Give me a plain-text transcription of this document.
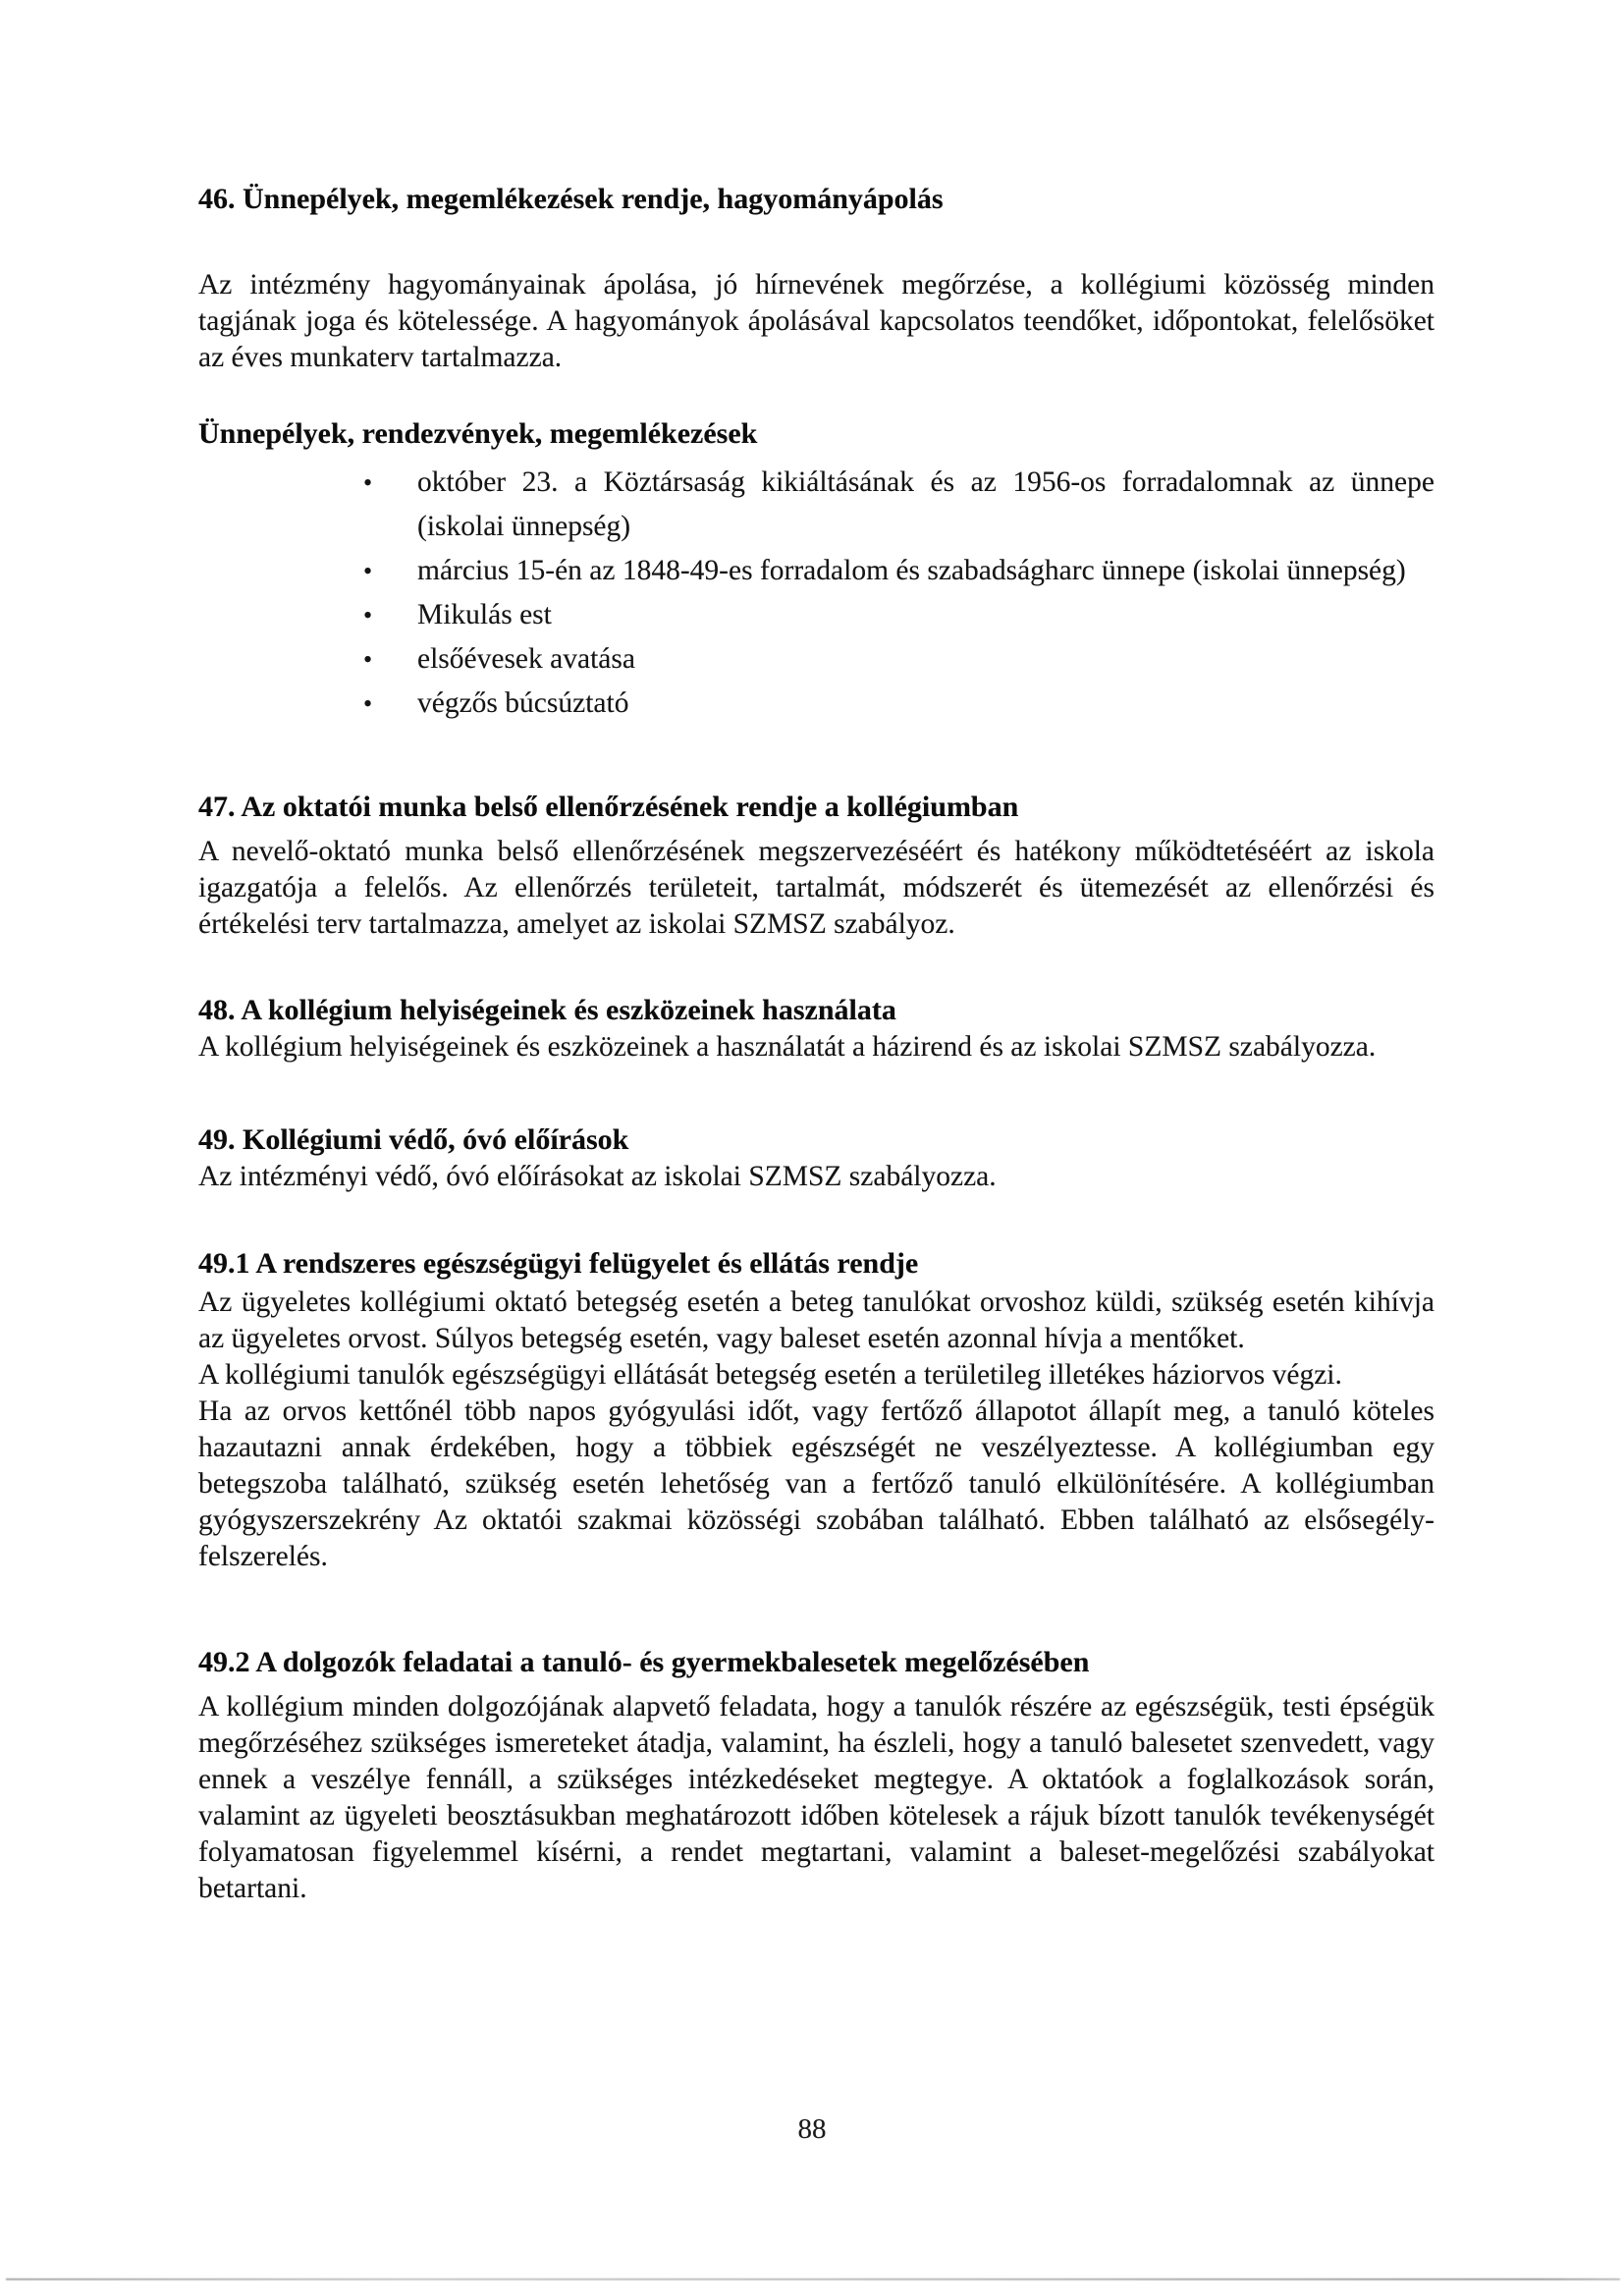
46. Ünnepélyek, megemlékezések rendje, hagyományápolás

Az intézmény hagyományainak ápolása, jó hírnevének megőrzése, a kollégiumi közösség minden tagjának joga és kötelessége. A hagyományok ápolásával kapcsolatos teendőket, időpontokat, felelősöket az éves munkaterv tartalmazza.

Ünnepélyek, rendezvények, megemlékezések
•	október 23. a Köztársaság kikiáltásának és az 1956-os forradalomnak az ünnepe (iskolai ünnepség)
•	március 15-én az 1848-49-es forradalom és szabadságharc ünnepe (iskolai ünnepség)
•	Mikulás est
•	elsőévesek avatása
•	végzős búcsúztató
47. Az oktatói munka belső ellenőrzésének rendje a kollégiumban

A nevelő-oktató munka belső ellenőrzésének megszervezéséért és hatékony működtetéséért az iskola igazgatója a felelős. Az ellenőrzés területeit, tartalmát, módszerét és ütemezését az ellenőrzési és értékelési terv tartalmazza, amelyet az iskolai SZMSZ szabályoz.

48. A kollégium helyiségeinek és eszközeinek használata

A kollégium helyiségeinek és eszközeinek a használatát a házirend és az iskolai SZMSZ szabályozza.

49. Kollégiumi védő, óvó előírások

Az intézményi védő, óvó előírásokat az iskolai SZMSZ szabályozza.

49.1 A rendszeres egészségügyi felügyelet és ellátás rendje

Az ügyeletes kollégiumi oktató betegség esetén a beteg tanulókat orvoshoz küldi, szükség esetén kihívja az ügyeletes orvost. Súlyos betegség esetén, vagy baleset esetén azonnal hívja a mentőket.

A kollégiumi tanulók egészségügyi ellátását betegség esetén a területileg illetékes háziorvos végzi.

Ha az orvos kettőnél több napos gyógyulási időt, vagy fertőző állapotot állapít meg, a tanuló köteles hazautazni annak érdekében, hogy a többiek egészségét ne veszélyeztesse. A kollégiumban egy betegszoba található, szükség esetén lehetőség van a fertőző tanuló elkülönítésére. A kollégiumban gyógyszerszekrény Az oktatói szakmai közösségi szobában található. Ebben található az elsősegély-felszerelés.

49.2 A dolgozók feladatai a tanuló- és gyermekbalesetek megelőzésében

A kollégium minden dolgozójának alapvető feladata, hogy a tanulók részére az egészségük, testi épségük megőrzéséhez szükséges ismereteket átadja, valamint, ha észleli, hogy a tanuló balesetet szenvedett, vagy ennek a veszélye fennáll, a szükséges intézkedéseket megtegye. A oktatóok a foglalkozások során, valamint az ügyeleti beosztásukban meghatározott időben kötelesek a rájuk bízott tanulók tevékenységét folyamatosan figyelemmel kísérni, a rendet megtartani, valamint a baleset-megelőzési szabályokat betartani.

88
